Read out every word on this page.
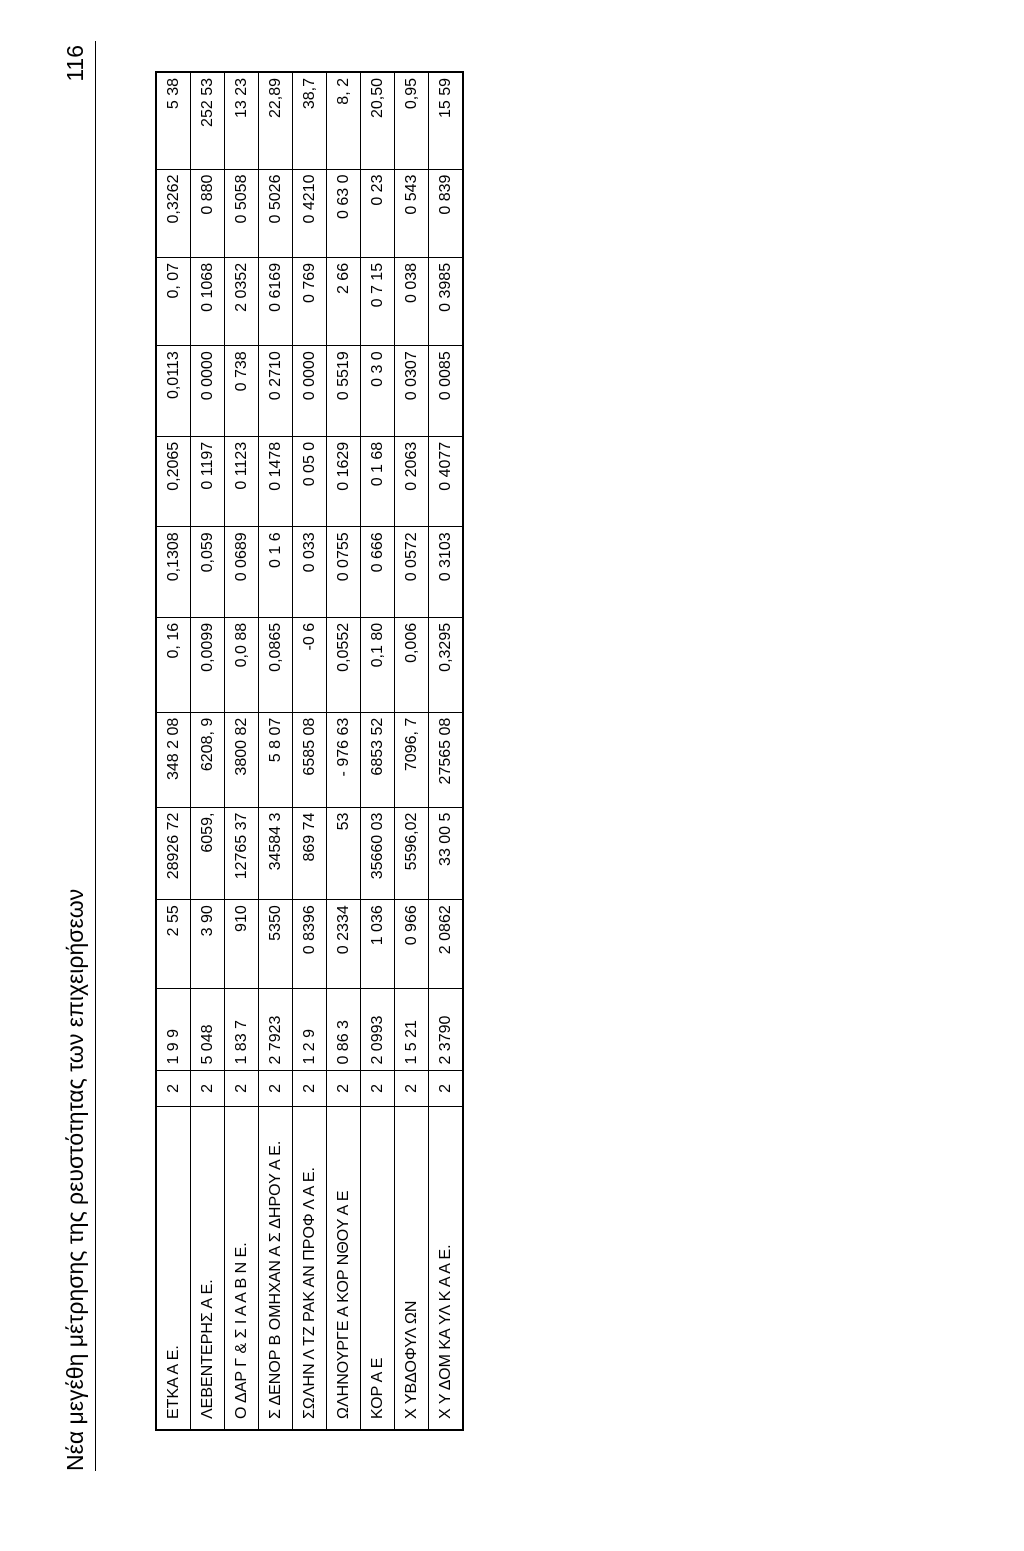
Νέα μεγέθη μέτρησης της ρευστότητας των επιχειρήσεων
116
ΕΤΚΑ Α Ε.	2	1 9 9	2 55	28926 72	348 2 08	0, 16	0,1308	0,2065	0,0113	0, 07	0,3262	5 38
ΛΕΒΕΝΤΕΡΗΣ Α Ε.	2	5 048	3 90	6059,	6208, 9	0,0099	0,059	0 1197	0 0000	0 1068	0 880	252 53
Ο ΔΑΡ Γ & Σ Ι Α Α Β Ν Ε.	2	1 83 7	910	12765 37	3800 82	0,0 88	0 0689	0 1123	0 738	2 0352	0 5058	13 23
Σ ΔΕΝΟΡ Β ΟΜΗΧΑΝ Α Σ ΔΗΡΟΥ Α Ε.	2	2 7923	5350	34584 3	5 8 07	0,0865	0 1 6	0 1478	0 2710	0 6169	0 5026	22,89
ΣΩΛΗΝ Λ ΤΖ ΡΑΚ ΑΝ ΠΡΟΦ Λ Α Ε.	2	1 2 9	0 8396	869 74	6585 08	-0 6	0 033	0 05 0	0 0000	0 769	0 4210	38,7
ΩΛΗΝΟΥΡΓΕ Α ΚΟΡ ΝΘΟΥ Α Ε	2	0 86 3	0 2334	53	- 976 63	0,0552	0 0755	0 1629	0 5519	2 66	0 63 0	8, 2
ΚΟΡ Α Ε	2	2 0993	1 036	35660 03	6853 52	0,1 80	0 666	0 1 68	0 3 0	0 7 15	0 23	20,50
Χ ΥΒΔΟΦΥΛ ΩΝ	2	1 5 21	0 966	5596,02	7096, 7	0,006	0 0572	0 2063	0 0307	0 038	0 543	0,95
Χ Υ ΔΟΜ ΚΑ ΥΛ Κ Α Α Ε.	2	2 3790	2 0862	33 00 5	27565 08	0,3295	0 3103	0 4077	0 0085	0 3985	0 839	15 59
